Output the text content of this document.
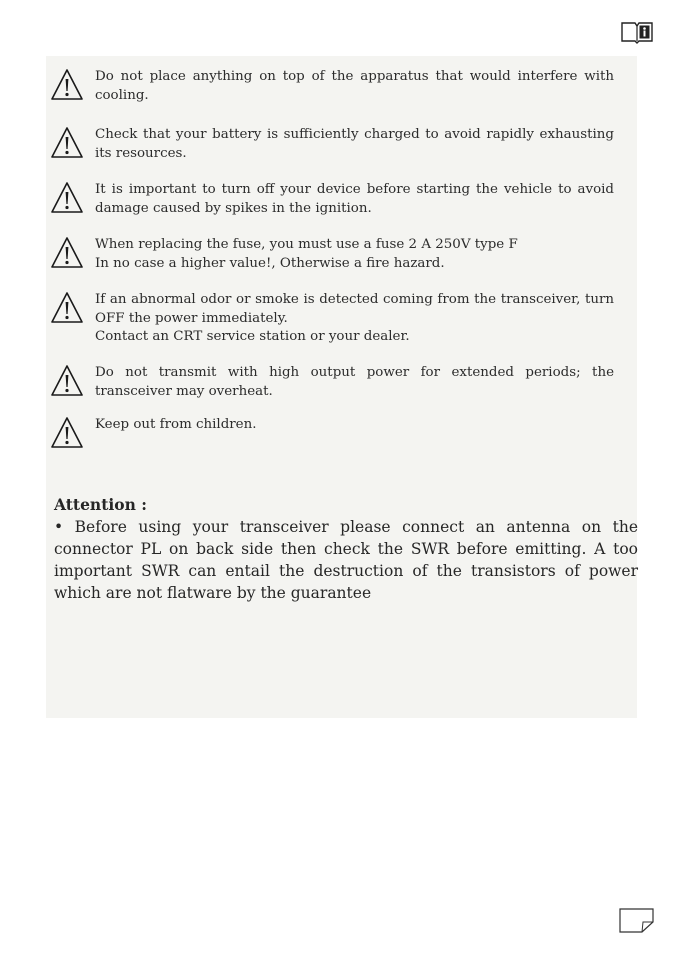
Do not place anything on top of the apparatus that would interfere with cooling.
Check that your battery is sufficiently charged to avoid rapidly exhausting its resources.
It is important to turn off your device before starting the vehicle to avoid damage caused by spikes in the ignition.
When replacing the fuse, you must use a fuse 2 A 250V type F
In no case a higher value!, Otherwise a fire hazard.
If an abnormal odor or smoke is detected coming from the transceiver, turn OFF the power immediately.
Contact an CRT service station or your dealer.
Do not transmit with high output power for extended periods; the transceiver may overheat.
Keep out from children.
Attention :
• Before using your transceiver please connect an antenna on the connector PL on back side then check the SWR before emitting. A too important SWR can entail the destruction of the transistors of power which are not flatware by the guarantee
